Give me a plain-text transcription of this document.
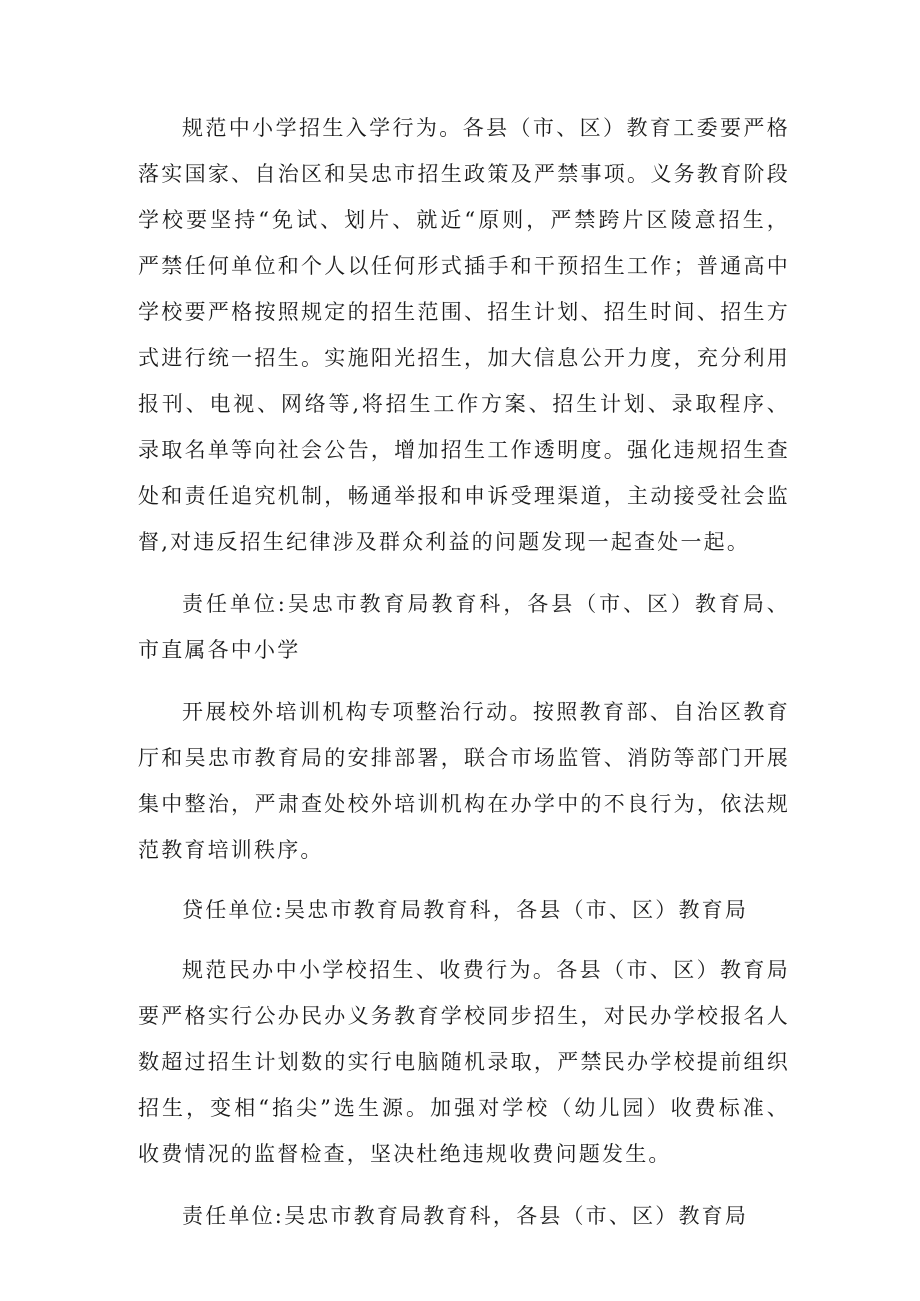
规范中小学招生入学行为。各县（市、区）教育工委要严格落实国家、自治区和吴忠市招生政策及严禁事项。义务教育阶段学校要坚持“免试、划片、就近“原则，严禁跨片区陵意招生，严禁任何单位和个人以任何形式插手和干预招生工作；普通高中学校要严格按照规定的招生范围、招生计划、招生时间、招生方式进行统一招生。实施阳光招生，加大信息公开力度，充分利用报刊、电视、网络等,将招生工作方案、招生计划、录取程序、录取名单等向社会公告，增加招生工作透明度。强化违规招生查处和责任追究机制，畅通举报和申诉受理渠道，主动接受社会监督,对违反招生纪律涉及群众利益的问题发现一起查处一起。

责任单位:吴忠市教育局教育科，各县（市、区）教育局、市直属各中小学

开展校外培训机构专项整治行动。按照教育部、自治区教育厅和吴忠市教育局的安排部署，联合市场监管、消防等部门开展集中整治，严肃查处校外培训机构在办学中的不良行为，依法规范教育培训秩序。

贷任单位:吴忠市教育局教育科，各县（市、区）教育局

规范民办中小学校招生、收费行为。各县（市、区）教育局要严格实行公办民办义务教育学校同步招生，对民办学校报名人数超过招生计划数的实行电脑随机录取，严禁民办学校提前组织招生，变相“掐尖”选生源。加强对学校（幼儿园）收费标准、收费情况的监督检查，坚决杜绝违规收费问题发生。

责任单位:吴忠市教育局教育科，各县（市、区）教育局
